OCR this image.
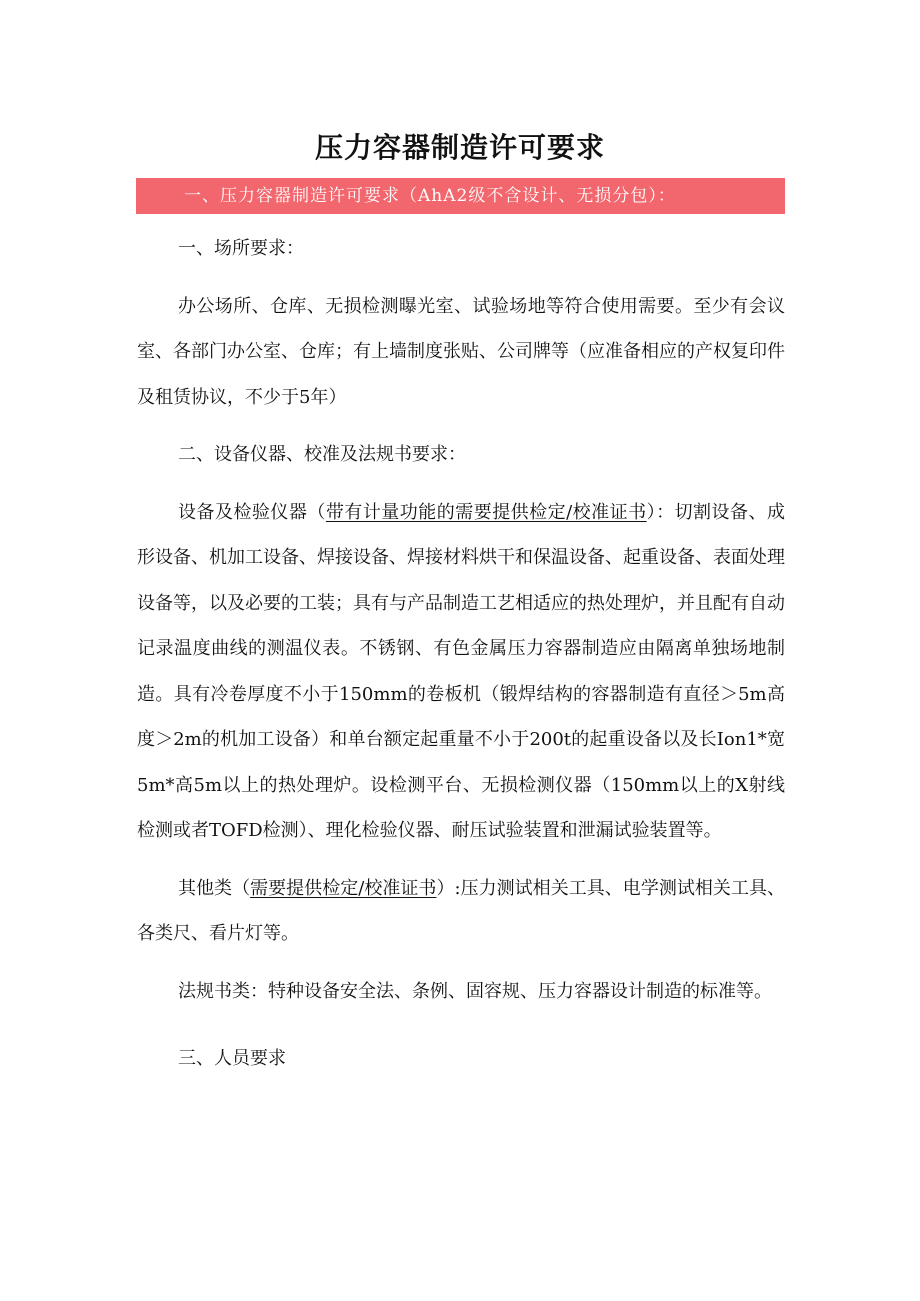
压力容器制造许可要求
一、压力容器制造许可要求（AhA2级不含设计、无损分包）：

一、场所要求：

办公场所、仓库、无损检测曝光室、试验场地等符合使用需要。至少有会议室、各部门办公室、仓库；有上墙制度张贴、公司牌等（应准备相应的产权复印件及租赁协议，不少于5年）

二、设备仪器、校准及法规书要求：

设备及检验仪器（带有计量功能的需要提供检定/校准证书）：切割设备、成形设备、机加工设备、焊接设备、焊接材料烘干和保温设备、起重设备、表面处理设备等，以及必要的工装；具有与产品制造工艺相适应的热处理炉，并且配有自动记录温度曲线的测温仪表。不锈钢、有色金属压力容器制造应由隔离单独场地制造。具有冷卷厚度不小于150mm的卷板机（锻焊结构的容器制造有直径＞5m高度＞2m的机加工设备）和单台额定起重量不小于200t的起重设备以及长Ion1*宽5m*高5m以上的热处理炉。设检测平台、无损检测仪器（150mm以上的X射线检测或者TOFD检测）、理化检验仪器、耐压试验装置和泄漏试验装置等。

其他类（需要提供检定/校准证书）:压力测试相关工具、电学测试相关工具、各类尺、看片灯等。

法规书类：特种设备安全法、条例、固容规、压力容器设计制造的标准等。

三、人员要求
